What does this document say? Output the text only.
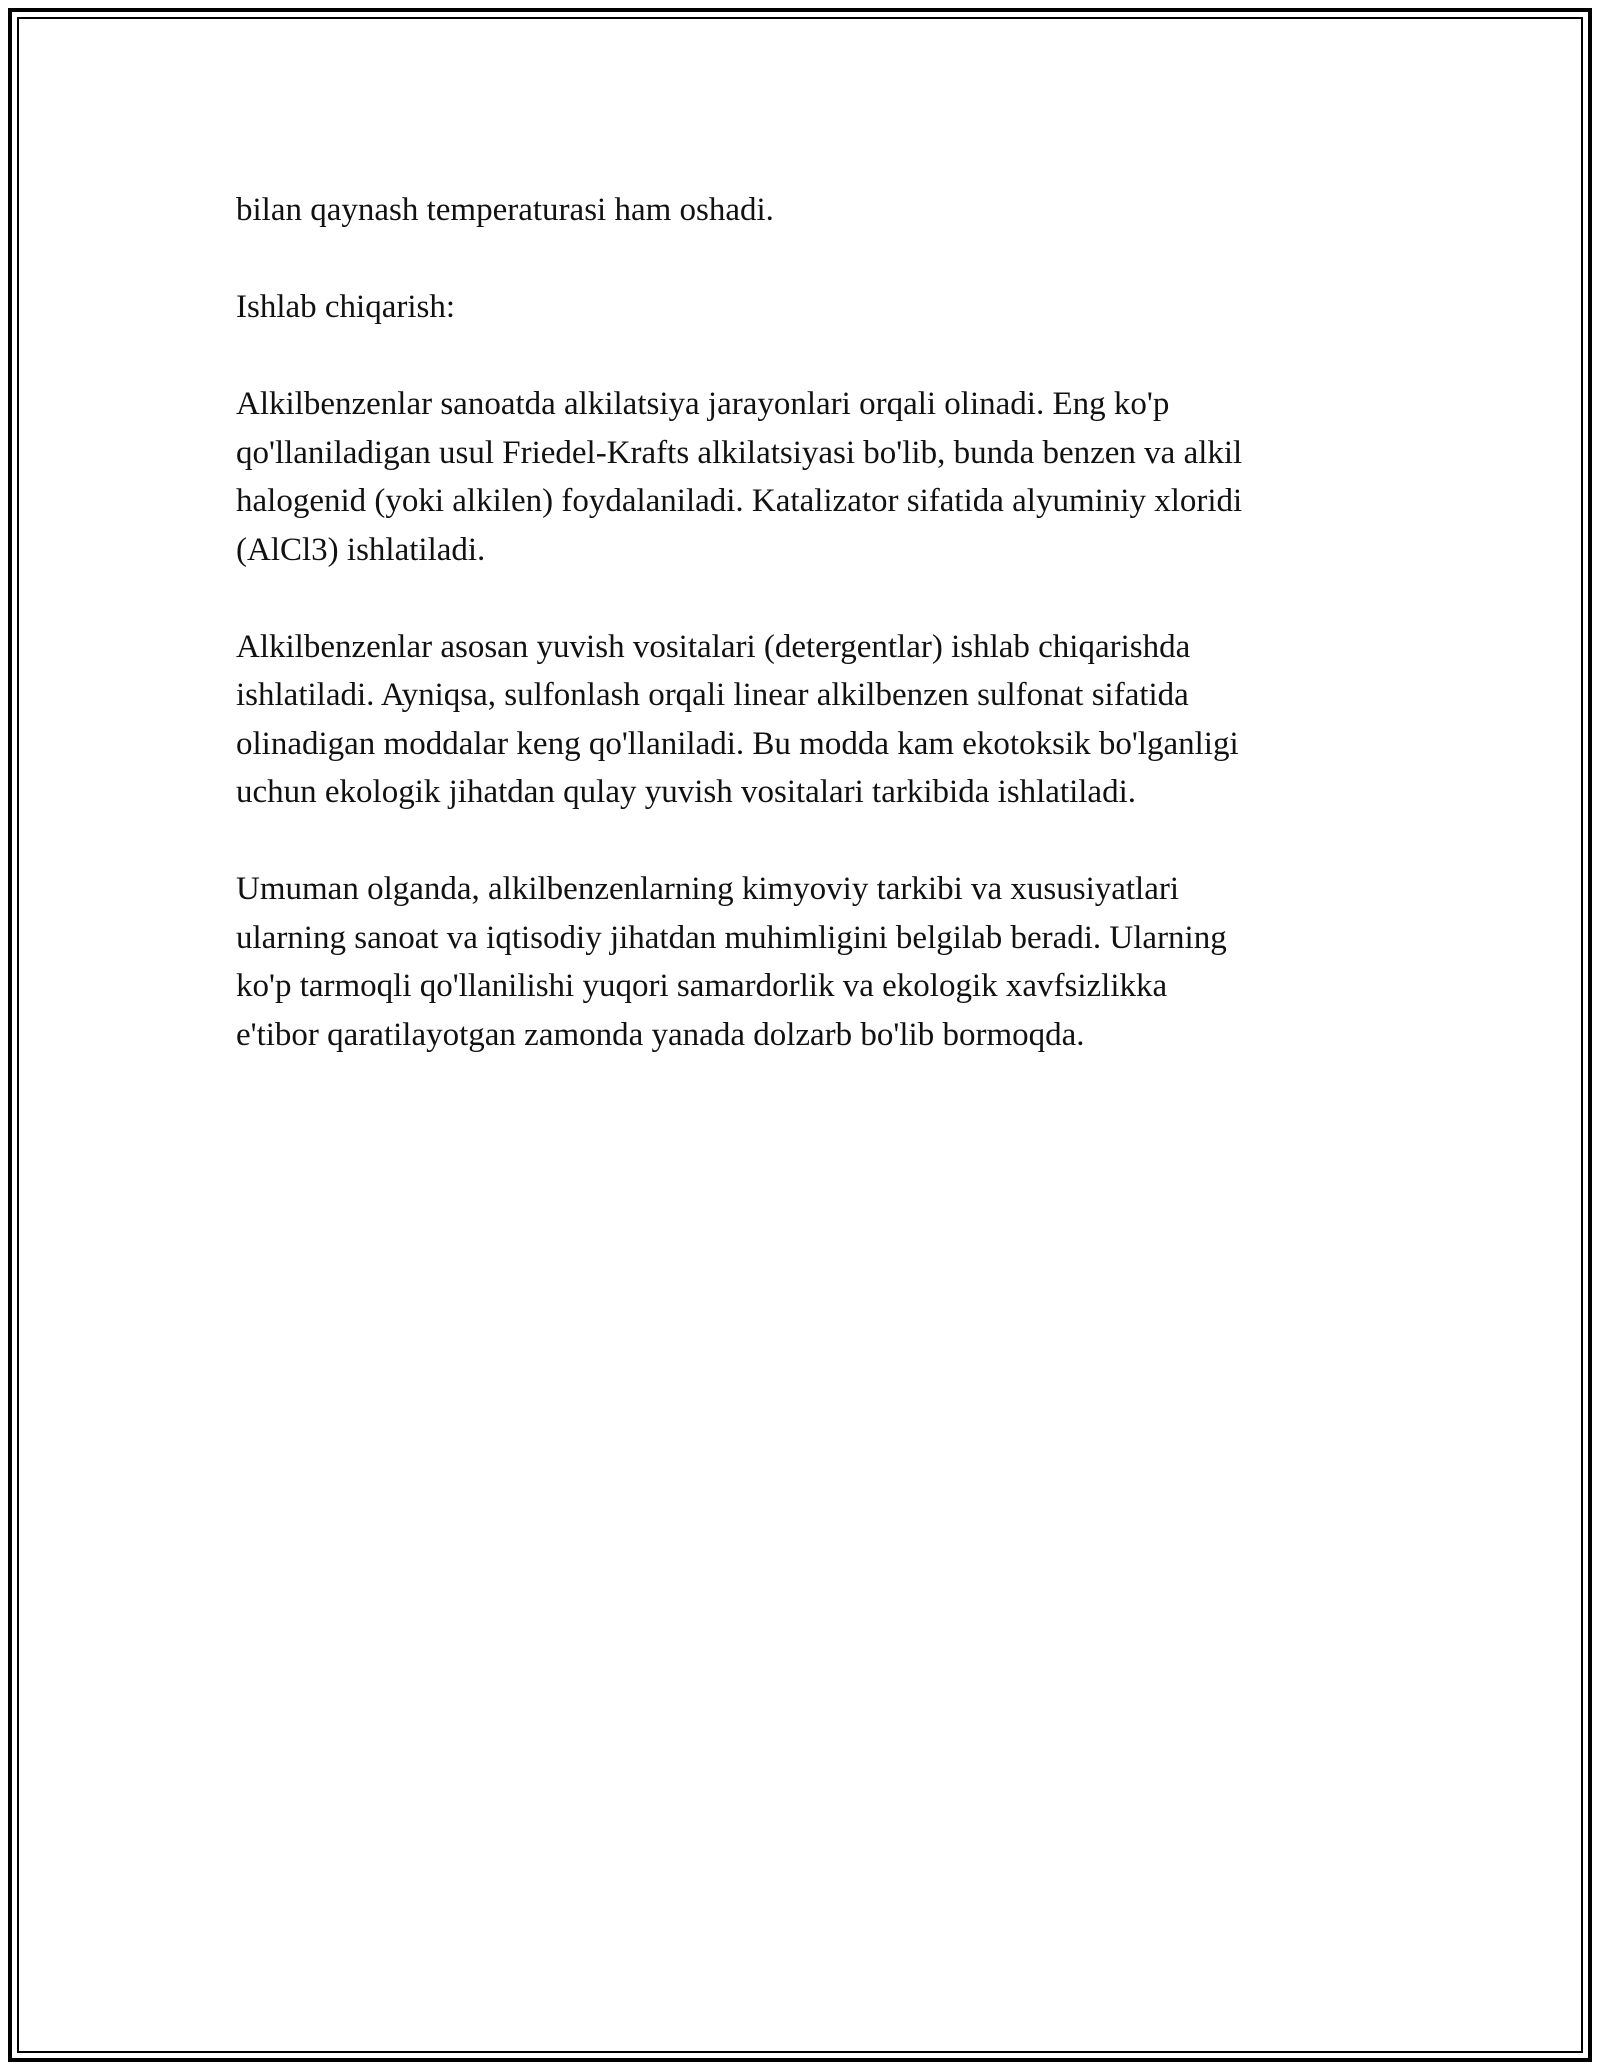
bilan qaynash temperaturasi ham oshadi.

Ishlab chiqarish:

Alkilbenzenlar sanoatda alkilatsiya jarayonlari orqali olinadi. Eng ko'p
qo'llaniladigan usul Friedel-Krafts alkilatsiyasi bo'lib, bunda benzen va alkil
halogenid (yoki alkilen) foydalaniladi. Katalizator sifatida alyuminiy xloridi
(AlCl3) ishlatiladi.

Alkilbenzenlar asosan yuvish vositalari (detergentlar) ishlab chiqarishda
ishlatiladi. Ayniqsa, sulfonlash orqali linear alkilbenzen sulfonat sifatida
olinadigan moddalar keng qo'llaniladi. Bu modda kam ekotoksik bo'lganligi
uchun ekologik jihatdan qulay yuvish vositalari tarkibida ishlatiladi.

Umuman olganda, alkilbenzenlarning kimyoviy tarkibi va xususiyatlari
ularning sanoat va iqtisodiy jihatdan muhimligini belgilab beradi. Ularning
ko'p tarmoqli qo'llanilishi yuqori samardorlik va ekologik xavfsizlikka
e'tibor qaratilayotgan zamonda yanada dolzarb bo'lib bormoqda.
